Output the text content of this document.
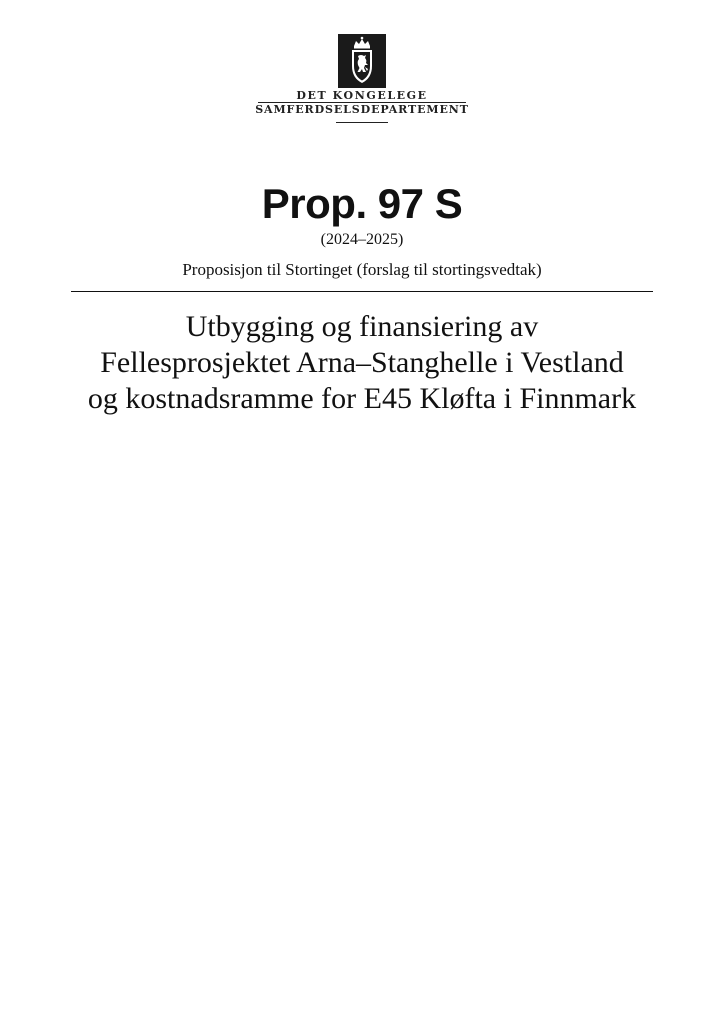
DET KONGELEGE
SAMFERDSELSDEPARTEMENT
Prop. 97 S
(2024–2025)
Proposisjon til Stortinget (forslag til stortingsvedtak)
Utbygging og finansiering av
Fellesprosjektet Arna–Stanghelle i Vestland
og kostnadsramme for E45 Kløfta i Finnmark
